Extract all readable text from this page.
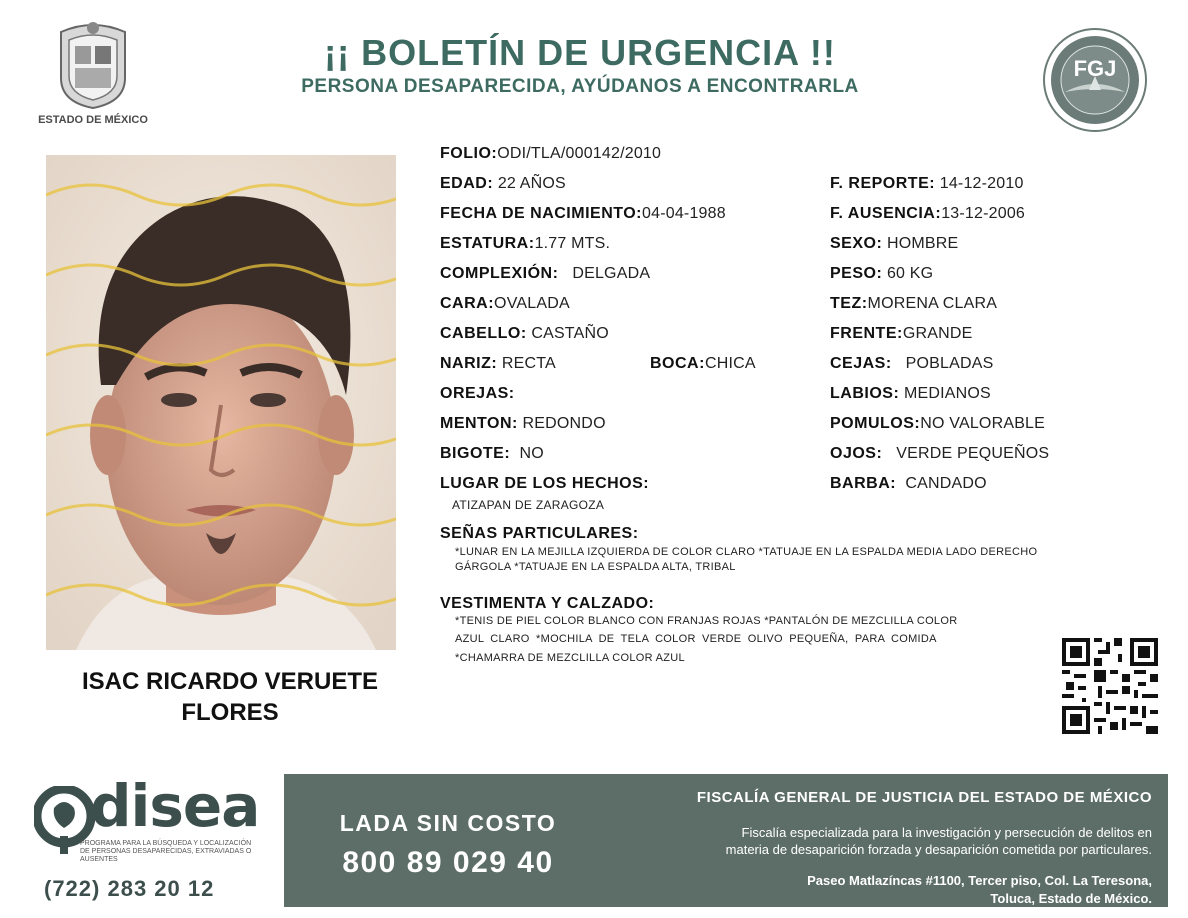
ESTADO DE MÉXICO
¡¡ BOLETÍN DE URGENCIA !!
PERSONA DESAPARECIDA, AYÚDANOS A ENCONTRARLA
FGJ
ISAC RICARDO VERUETE
FLORES
FOLIO:ODI/TLA/000142/2010
EDAD: 22 AÑOS
FECHA DE NACIMIENTO:04-04-1988
ESTATURA:1.77 MTS.
COMPLEXIÓN: DELGADA
CARA:OVALADA
CABELLO: CASTAÑO
NARIZ: RECTA	BOCA:CHICA
OREJAS:
MENTON: REDONDO
BIGOTE: NO
LUGAR DE LOS HECHOS:
ATIZAPAN DE ZARAGOZA
F. REPORTE: 14-12-2010
F. AUSENCIA:13-12-2006
SEXO: HOMBRE
PESO: 60 KG
TEZ:MORENA CLARA
FRENTE:GRANDE
CEJAS: POBLADAS
LABIOS: MEDIANOS
POMULOS:NO VALORABLE
OJOS: VERDE PEQUEÑOS
BARBA: CANDADO
SEÑAS PARTICULARES:
*LUNAR EN LA MEJILLA IZQUIERDA DE COLOR CLARO *TATUAJE EN LA ESPALDA MEDIA LADO DERECHO
GÁRGOLA *TATUAJE EN LA ESPALDA ALTA, TRIBAL
VESTIMENTA Y CALZADO:
*TENIS DE PIEL COLOR BLANCO CON FRANJAS ROJAS *PANTALÓN DE MEZCLILLA COLOR
AZUL CLARO *MOCHILA DE TELA COLOR VERDE OLIVO PEQUEÑA, PARA COMIDA
*CHAMARRA DE MEZCLILLA COLOR AZUL
disea
PROGRAMA PARA LA BÚSQUEDA Y LOCALIZACIÓN
DE PERSONAS DESAPARECIDAS, EXTRAVIADAS O
AUSENTES
(722) 283 20 12
LADA SIN COSTO
800 89 029 40
FISCALÍA GENERAL DE JUSTICIA DEL ESTADO DE MÉXICO
Fiscalía especializada para la investigación y persecución de delitos en
materia de desaparición forzada y desaparición cometida por particulares.
Paseo Matlazíncas #1100, Tercer piso, Col. La Teresona,
Toluca, Estado de México.
